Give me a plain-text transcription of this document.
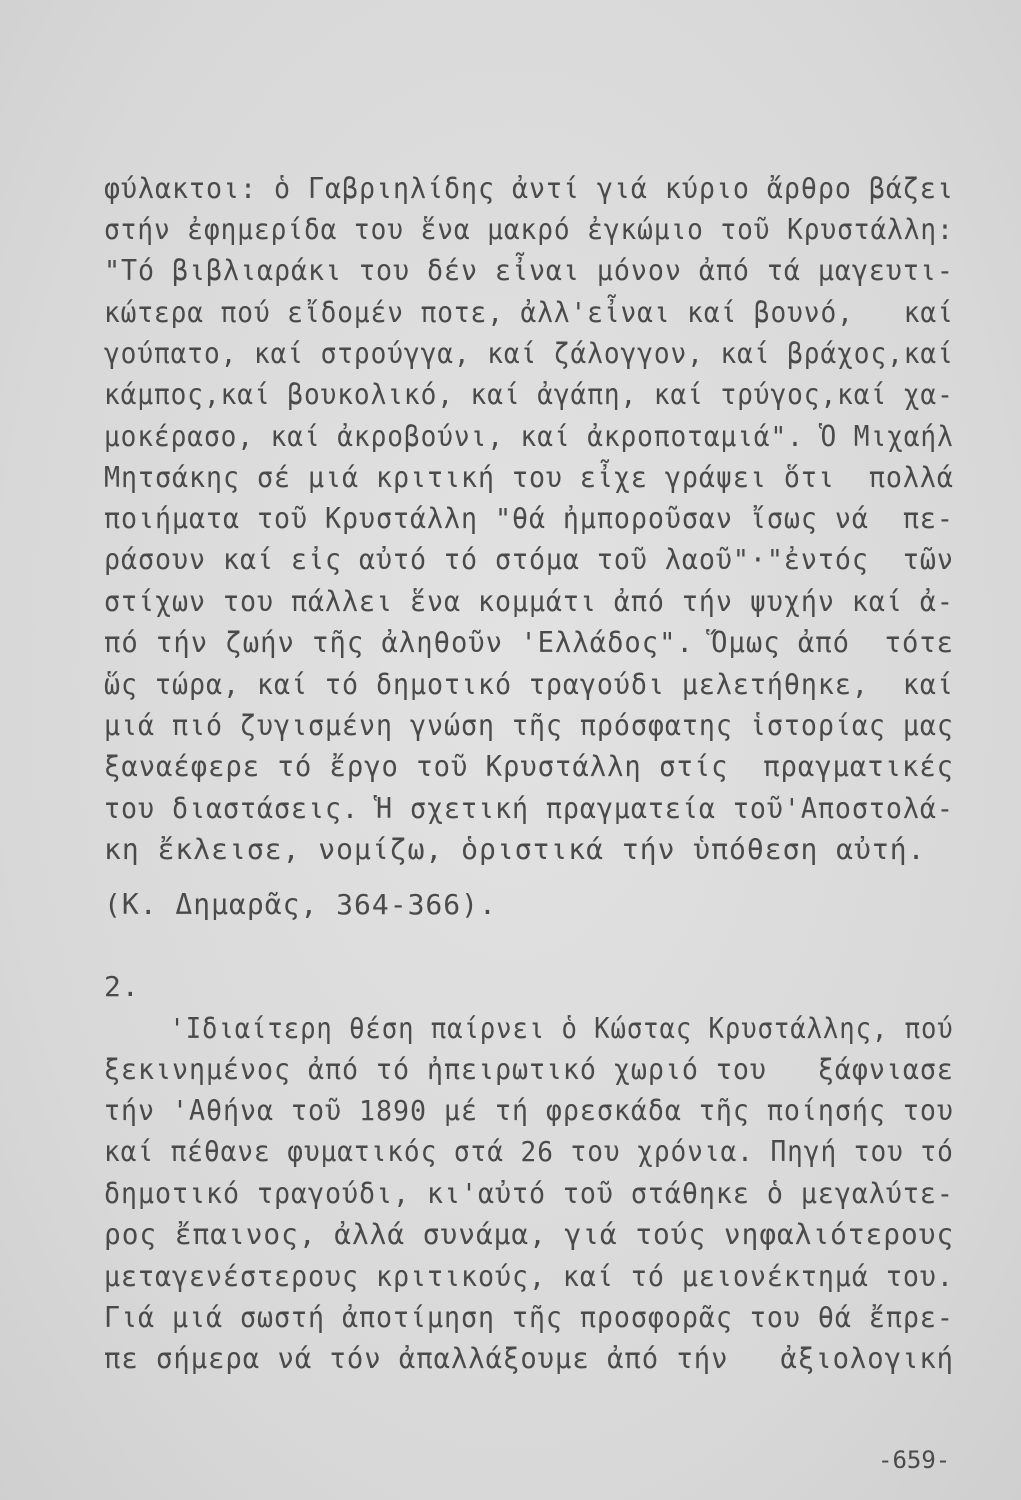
φύλακτοι: ὁ Γαβριηλίδης ἀντί γιά κύριο ἄρθρο βάζει
στήν ἐφημερίδα του ἕνα μακρό ἐγκώμιο τοῦ Κρυστάλλη:
"Τό βιβλιαράκι του δέν εἶναι μόνον ἀπό τά μαγευτι-
κώτερα πού εἴδομέν ποτε, ἀλλ'εἶναι καί βουνό,   καί
γούπατο, καί στρούγγα, καί ζάλογγον, καί βράχος,καί
κάμπος,καί βουκολικό, καί ἀγάπη, καί τρύγος,καί χα-
μοκέρασο, καί ἀκροβούνι, καί ἀκροποταμιά". Ὁ Μιχαήλ
Μητσάκης σέ μιά κριτική του εἶχε γράψει ὅτι  πολλά
ποιήματα τοῦ Κρυστάλλη "θά ἠμποροῦσαν ἴσως νά  πε-
ράσουν καί εἰς αὐτό τό στόμα τοῦ λαοῦ"·"ἐντός  τῶν
στίχων του πάλλει ἕνα κομμάτι ἀπό τήν ψυχήν καί ἀ-
πό τήν ζωήν τῆς ἀληθοῦν 'Ελλάδος". Ὅμως ἀπό  τότε
ὥς τώρα, καί τό δημοτικό τραγούδι μελετήθηκε,  καί
μιά πιό ζυγισμένη γνώση τῆς πρόσφατης ἱστορίας μας
ξαναέφερε τό ἔργο τοῦ Κρυστάλλη στίς  πραγματικές
του διαστάσεις. Ἡ σχετική πραγματεία τοῦ'Αποστολά-
κη ἔκλεισε, νομίζω, ὁριστικά τήν ὑπόθεση αὐτή.
(Κ. Δημαρᾶς, 364-366).
2.
'Ιδιαίτερη θέση παίρνει ὁ Κώστας Κρυστάλλης, πού
ξεκινημένος ἀπό τό ἠπειρωτικό χωριό του   ξάφνιασε
τήν 'Αθήνα τοῦ 1890 μέ τή φρεσκάδα τῆς ποίησής του
καί πέθανε φυματικός στά 26 του χρόνια. Πηγή του τό
δημοτικό τραγούδι, κι'αὐτό τοῦ στάθηκε ὁ μεγαλύτε-
ρος ἔπαινος, ἀλλά συνάμα, γιά τούς νηφαλιότερους
μεταγενέστερους κριτικούς, καί τό μειονέκτημά του.
Γιά μιά σωστή ἀποτίμηση τῆς προσφορᾶς του θά ἔπρε-
πε σήμερα νά τόν ἀπαλλάξουμε ἀπό τήν   ἀξιολογική
-659-
